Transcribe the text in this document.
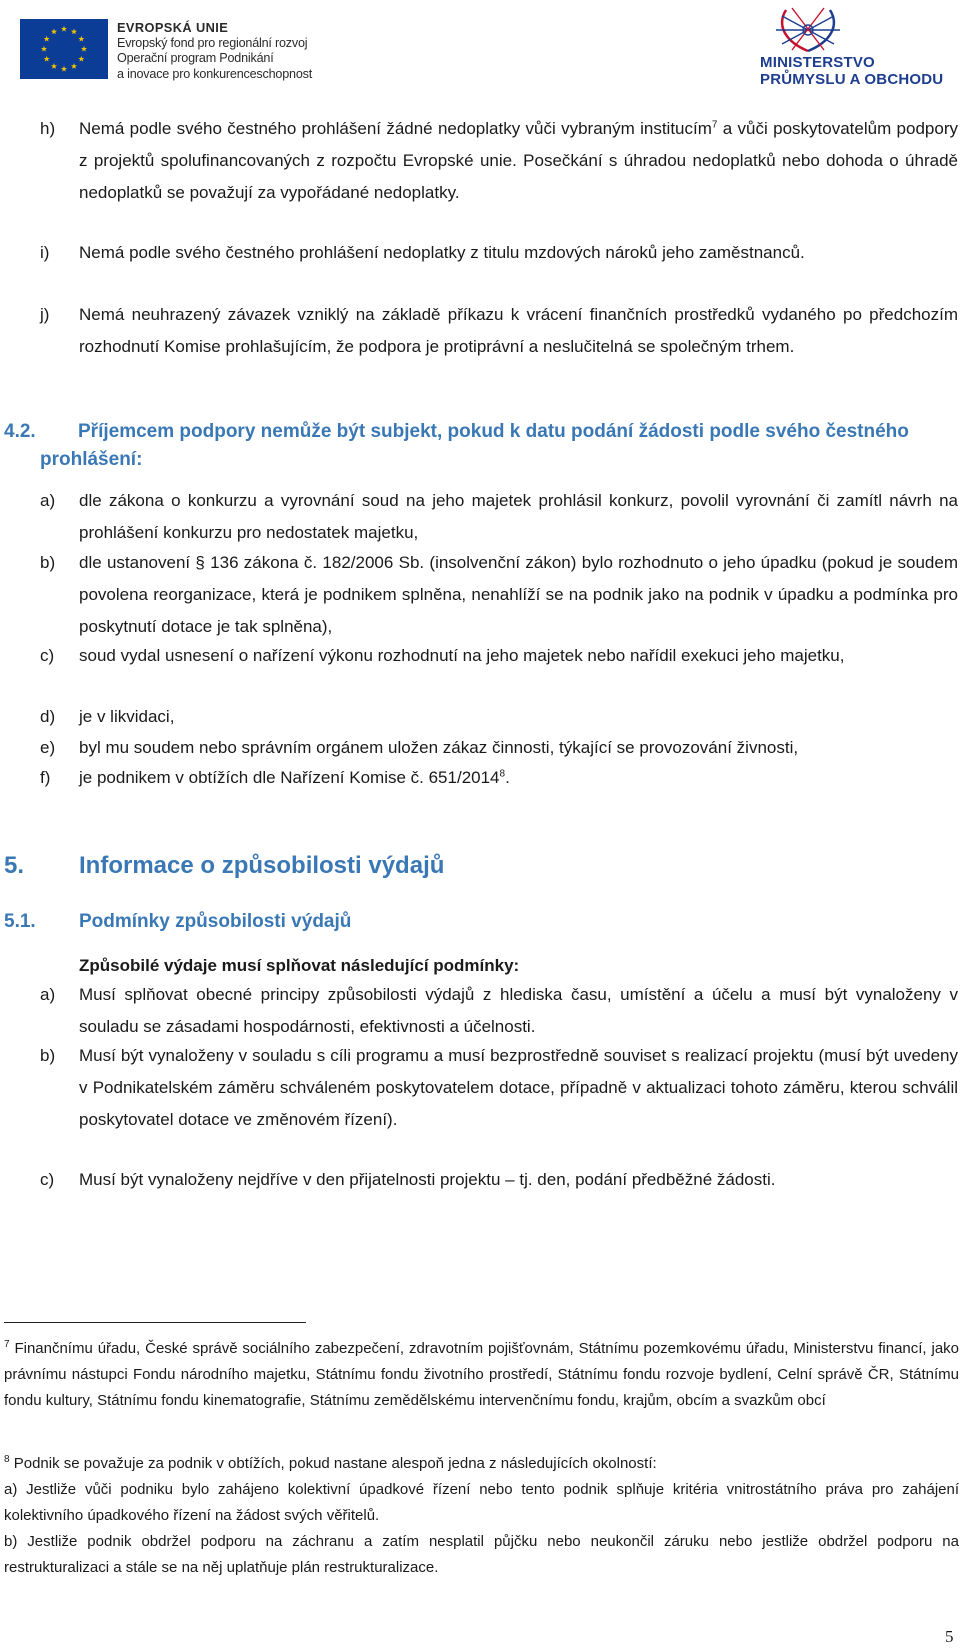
EVROPSKÁ UNIE
Evropský fond pro regionální rozvoj
Operační program Podnikání
a inovace pro konkurenceschopnost
MINISTERSTVO
PRŮMYSLU A OBCHODU
h) Nemá podle svého čestného prohlášení žádné nedoplatky vůči vybraným institucím$^7$ a vůči poskytovatelům podpory z projektů spolufinancovaných z rozpočtu Evropské unie. Posečkání s úhradou nedoplatků nebo dohoda o úhradě nedoplatků se považují za vypořádané nedoplatky.
i) Nemá podle svého čestného prohlášení nedoplatky z titulu mzdových nároků jeho zaměstnanců.
j) Nemá neuhrazený závazek vzniklý na základě příkazu k vrácení finančních prostředků vydaného po předchozím rozhodnutí Komise prohlašujícím, že podpora je protiprávní a neslučitelná se společným trhem.
4.2.	Příjemcem podpory nemůže být subjekt, pokud k datu podání žádosti podle svého čestného prohlášení:
a) dle zákona o konkurzu a vyrovnání soud na jeho majetek prohlásil konkurz, povolil vyrovnání či zamítl návrh na prohlášení konkurzu pro nedostatek majetku,
b) dle ustanovení § 136 zákona č. 182/2006 Sb. (insolvenční zákon) bylo rozhodnuto o jeho úpadku (pokud je soudem povolena reorganizace, která je podnikem splněna, nenahlíží se na podnik jako na podnik v úpadku a podmínka pro poskytnutí dotace je tak splněna),
c) soud vydal usnesení o nařízení výkonu rozhodnutí na jeho majetek nebo nařídil exekuci jeho majetku,
d) je v likvidaci,
e) byl mu soudem nebo správním orgánem uložen zákaz činnosti, týkající se provozování živnosti,
f) je podnikem v obtížích dle Nařízení Komise č. 651/2014$^8$.
5. Informace o způsobilosti výdajů
5.1. Podmínky způsobilosti výdajů
Způsobilé výdaje musí splňovat následující podmínky:
a) Musí splňovat obecné principy způsobilosti výdajů z hlediska času, umístění a účelu a musí být vynaloženy v souladu se zásadami hospodárnosti, efektivnosti a účelnosti.
b) Musí být vynaloženy v souladu s cíli programu a musí bezprostředně souviset s realizací projektu (musí být uvedeny v Podnikatelském záměru schváleném poskytovatelem dotace, případně v aktualizaci tohoto záměru, kterou schválil poskytovatel dotace ve změnovém řízení).
c) Musí být vynaloženy nejdříve v den přijatelnosti projektu – tj. den, podání předběžné žádosti.

$^7$ Finančnímu úřadu, České správě sociálního zabezpečení, zdravotním pojišťovnám, Státnímu pozemkovému úřadu, Ministerstvu financí, jako právnímu nástupci Fondu národního majetku, Státnímu fondu životního prostředí, Státnímu fondu rozvoje bydlení, Celní správě ČR, Státnímu fondu kultury, Státnímu fondu kinematografie, Státnímu zemědělskému intervenčnímu fondu, krajům, obcím a svazkům obcí

$^8$ Podnik se považuje za podnik v obtížích, pokud nastane alespoň jedna z následujících okolností:

a) Jestliže vůči podniku bylo zahájeno kolektivní úpadkové řízení nebo tento podnik splňuje kritéria vnitrostátního práva pro zahájení kolektivního úpadkového řízení na žádost svých věřitelů.

b) Jestliže podnik obdržel podporu na záchranu a zatím nesplatil půjčku nebo neukončil záruku nebo jestliže obdržel podporu na restrukturalizaci a stále se na něj uplatňuje plán restrukturalizace.

5
